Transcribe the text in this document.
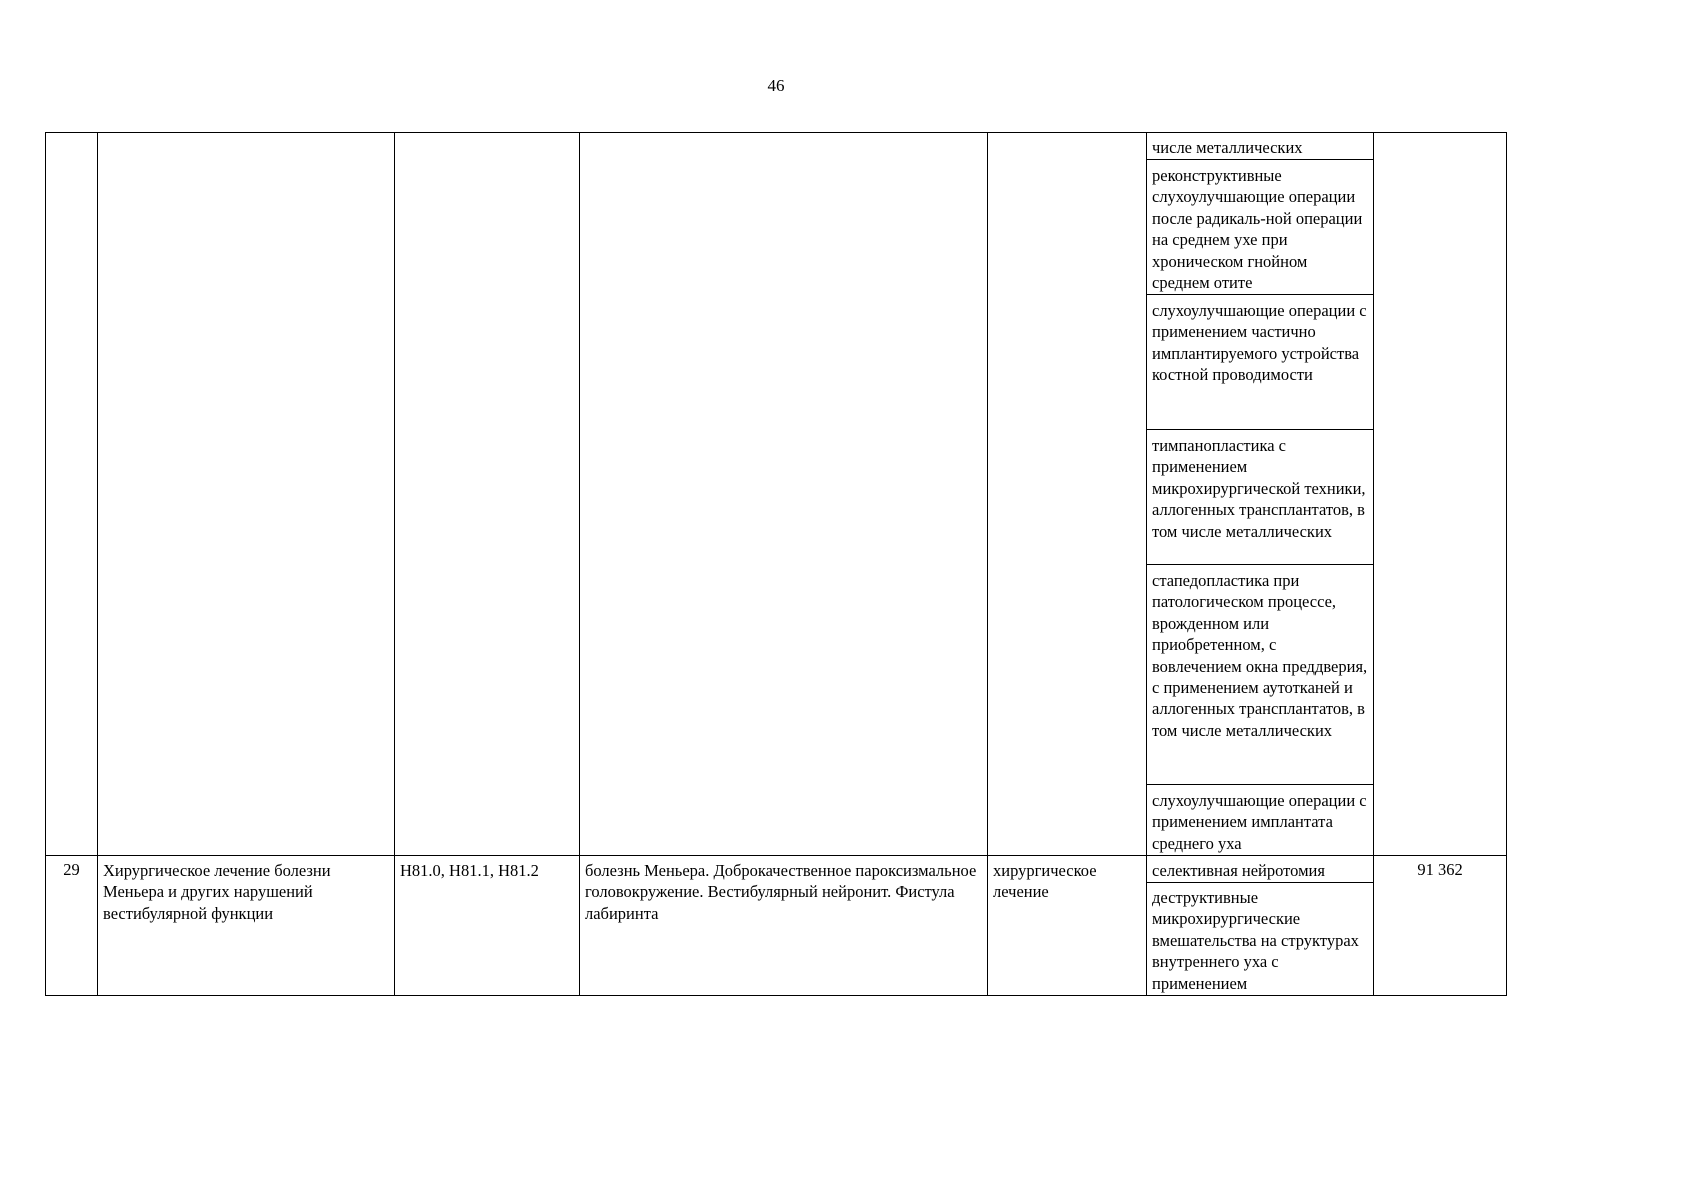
46
числе металлических
реконструктивные слухоулучшающие операции после радикаль-ной операции на среднем ухе при хроническом гнойном среднем отите
слухоулучшающие операции с применением частично имплантируемого устройства костной проводимости
тимпанопластика с применением микрохирургической техники, аллогенных трансплантатов, в том числе металлических
стапедопластика при патологическом процессе, врожденном или приобретенном, с вовлечением окна преддверия, с применением аутотканей и аллогенных трансплантатов, в том числе металлических
слухоулучшающие операции с применением имплантата среднего уха
29	Хирургическое лечение болезни Меньера и других нарушений вестибулярной функции
H81.0, H81.1, H81.2	болезнь Меньера. Доброкачественное пароксизмальное головокружение. Вестибулярный нейронит. Фистула лабиринта
хирургическое лечение
селективная нейротомия
деструктивные микрохирургические вмешательства на структурах внутреннего уха с применением
91 362
